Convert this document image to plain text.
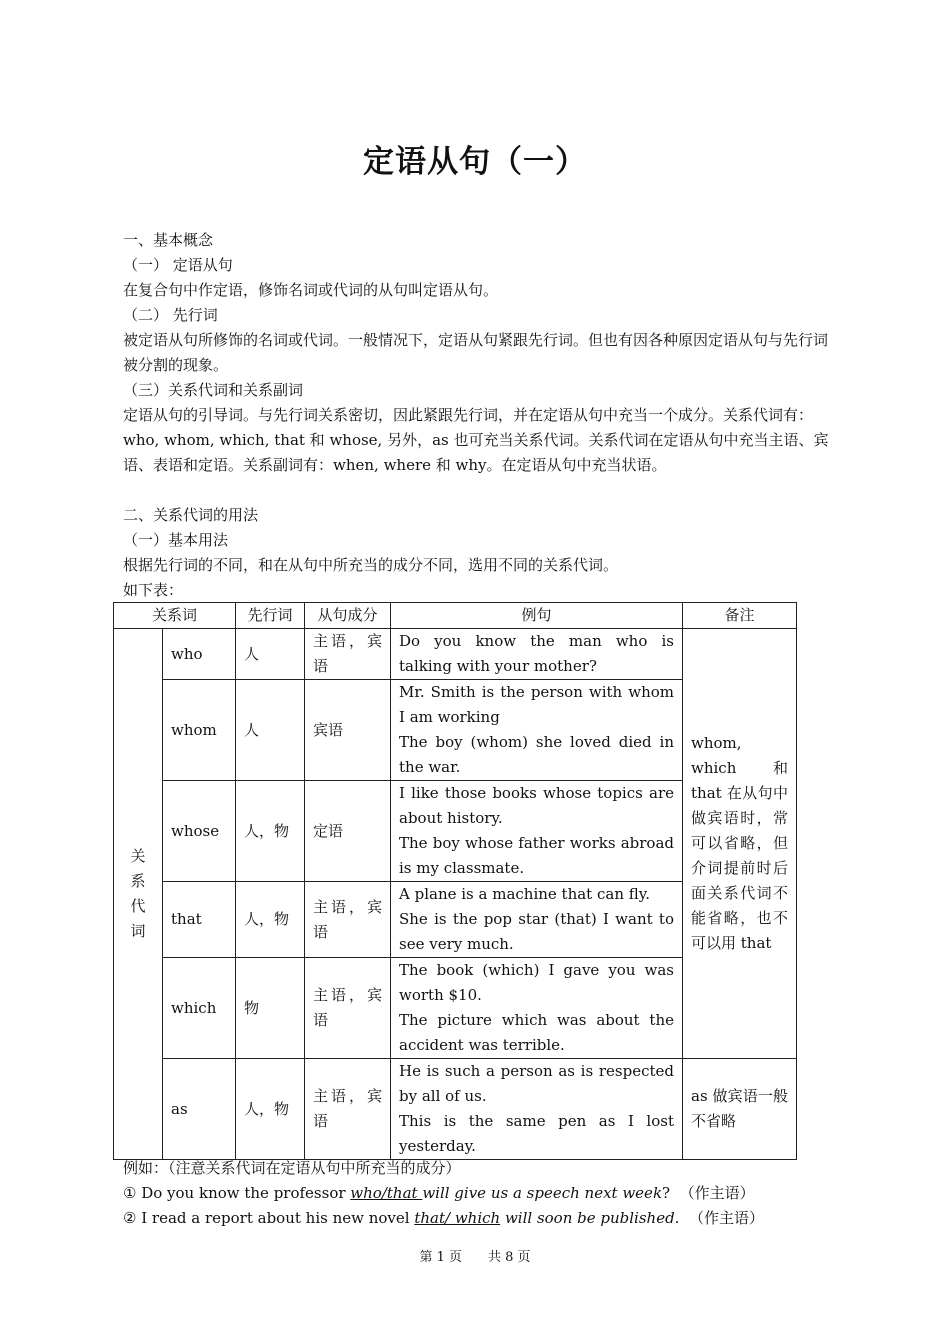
定语从句（一）

一、基本概念

（一） 定语从句

在复合句中作定语，修饰名词或代词的从句叫定语从句。

（二） 先行词

被定语从句所修饰的名词或代词。一般情况下，定语从句紧跟先行词。但也有因各种原因定语从句与先行词被分割的现象。

（三）关系代词和关系副词

定语从句的引导词。与先行词关系密切，因此紧跟先行词，并在定语从句中充当一个成分。关系代词有：who, whom, which, that 和 whose, 另外，as 也可充当关系代词。关系代词在定语从句中充当主语、宾语、表语和定语。关系副词有：when, where 和 why。在定语从句中充当状语。

二、关系代词的用法

（一）基本用法

根据先行词的不同，和在从句中所充当的成分不同，选用不同的关系代词。

如下表：

关系词		先行词	从句成分	例句	备注
关系代词	who	人	主语，宾语	Do you know the man who is talking with your mother?	whom, which 和 that 在从句中做宾语时，常可以省略，但介词提前时后面关系代词不能省略，也不可以用 that
	whom	人	宾语	Mr. Smith is the person with whom I am working
The boy (whom) she loved died in the war.	

	whose	人，物	定语	I like those books whose topics are about history.
The boy whose father works abroad is my classmate.	

	that	人，物	主语，宾语	A plane is a machine that can fly.
She is the pop star (that) I want to see very much.	

	which	物	主语，宾语	The book (which) I gave you was worth $10.
The picture which was about the accident was terrible.	

	as	人，物	主语，宾语	He is such a person as is respected by all of us.
This is the same pen as I lost yesterday.	as 做宾语一般不省略

例如：（注意关系代词在定语从句中所充当的成分）

① Do you know the professor who/that will give us a speech next week? （作主语）

② I read a report about his new novel that/ which will soon be published. （作主语）

第 1 页 共 8 页
